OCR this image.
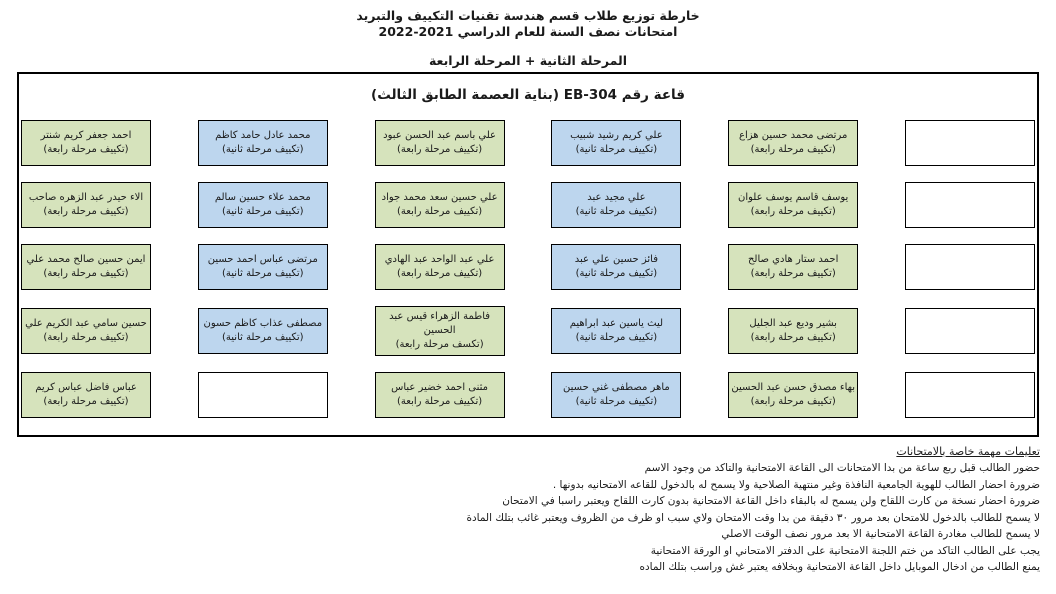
خارطة توزيع طلاب قسم هندسة تقنيات التكييف والتبريد
امتحانات نصف السنة للعام الدراسي 2021-2022
المرحلة الثانية + المرحلة الرابعة
قاعة رقم EB-304 (بناية العصمة الطابق الثالث)
احمد جعفر كريم شنتر
(تكييف مرحلة رابعة)
محمد عادل حامد كاظم
(تكييف مرحلة ثانية)
علي باسم عبد الحسن عبود
(تكييف مرحلة رابعة)
علي كريم رشيد شبيب
(تكييف مرحلة ثانية)
مرتضى محمد حسين هزاع
(تكييف مرحلة رابعة)
الاء حيدر عبد الزهره صاحب
(تكييف مرحلة رابعة)
محمد علاء حسين سالم
(تكييف مرحلة ثانية)
علي حسين سعد محمد جواد
(تكييف مرحلة رابعة)
علي مجيد عبد
(تكييف مرحلة ثانية)
يوسف قاسم يوسف علوان
(تكييف مرحلة رابعة)
ايمن حسين صالح محمد علي
(تكييف مرحلة رابعة)
مرتضى عباس احمد حسين
(تكييف مرحلة ثانية)
علي عبد الواحد عبد الهادي
(تكييف مرحلة رابعة)
فائز حسين علي عبد
(تكييف مرحلة ثانية)
احمد ستار هادي صالح
(تكييف مرحلة رابعة)
حسين سامي عبد الكريم علي
(تكييف مرحلة رابعة)
مصطفى عذاب كاظم حسون
(تكييف مرحلة ثانية)
فاطمة الزهراء قيس عبد الحسين
(تكسف مرحلة رابعة)
ليث ياسين عبد ابراهيم
(تكييف مرحلة ثانية)
بشير وديع عبد الجليل
(تكييف مرحلة رابعة)
عباس فاضل عباس كريم
(تكييف مرحلة رابعة)
مثنى احمد خضير عباس
(تكييف مرحلة رابعة)
ماهر مصطفى غني حسين
(تكييف مرحلة ثانية)
بهاء مصدق حسن عبد الحسين
(تكييف مرحلة رابعة)
تعليمات مهمة خاصة بالامتحانات
حضور الطالب قبل ربع ساعة من بدا الامتحانات الى القاعة الامتحانية والتاكد من وجود الاسم
ضرورة احضار الطالب للهوية الجامعية النافذة وغير منتهية الصلاحية ولا يسمح له بالدخول للقاعه الامتحانيه بدونها .
ضرورة احضار نسخة من كارت اللقاح ولن يسمح له بالبقاء داخل القاعة الامتحانية بدون كارت اللقاح ويعتبر راسبا في الامتحان
لا يسمح للطالب بالدخول للامتحان بعد مرور ٣٠ دقيقة من بدا وقت الامتحان ولاي سبب او ظرف من الظروف ويعتبر غائب بتلك المادة
لا يسمح للطالب مغادرة القاعة الامتحانية الا بعد مرور نصف الوقت الاصلي
يجب على الطالب التاكد من ختم اللجنة الامتحانية على الدفتر الامتحاني او الورقة الامتحانية
يمنع الطالب من ادخال الموبايل داخل القاعة الامتحانية وبخلافه يعتبر غش وراسب بتلك الماده
